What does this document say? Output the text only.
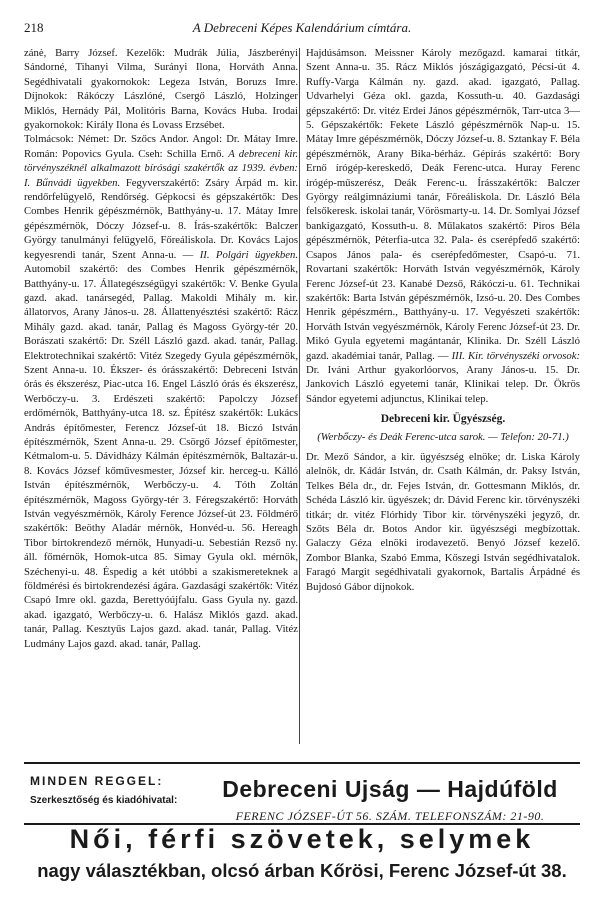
218	A Debreceni Képes Kalendárium címtára.

zánė, Barry József. Kezelők: Mudrák Júlia, Jászberényi Sándorné, Tihanyi Vilma, Surányi Ilona, Horváth Anna. Segédhivatali gyakornokok: Legeza István, Boruzs Imre. Díjnokok: Rákóczy Lászlóné, Csergő László, Holzinger Miklós, Hernády Pál, Molitóris Barna, Kovács Huba. Irodai gyakornokok: Király Ilona és Lovass Erzsébet.

Tolmácsok: Német: Dr. Szőcs Andor. Angol: Dr. Mátay Imre. Román: Popovics Gyula. Cseh: Schilla Ernő. A debreceni kir. törvényszéknél alkalmazott bírósági szakértők az 1939. évben: I. Bűnvádi ügyekben. Fegyverszakértő: Zsáry Árpád m. kir. rendőrfelügyelő, Rendőrség. Gépkocsi és gépszakértők: Des Combes Henrik gépészmérnök, Batthyány-u. 17. Mátay Imre gépészmérnök, Dóczy József-u. 8. Írás-szakértők: Balczer György tanulmányi felügyelő, Főreáliskola. Dr. Kovács Lajos kegyesrendi tanár, Szent Anna-u. — II. Polgári ügyekben. Automobil szakértő: des Combes Henrik gépészmérnök, Batthyány-u. 17. Állategészségügyi szakértők: V. Benke Gyula gazd. akad. tanársegéd, Pallag. Makoldi Mihály m. kir. állatorvos, Arany János-u. 28. Állattenyésztési szakértő: Rácz Mihály gazd. akad. tanár, Pallag és Magoss György-tér 20. Borászati szakértő: Dr. Széll László gazd. akad. tanár, Pallag. Elektrotechnikai szakértő: Vitéz Szegedy Gyula gépészmérnök, Szent Anna-u. 10. Ékszer- és órásszakértő: Debreceni István órás és ékszerész, Piac-utca 16. Engel László órás és ékszerész, Werbőczy-u. 3. Erdészeti szakértő: Papolczy József erdőmérnök, Batthyány-utca 18. sz. Építész szakértők: Lukács András építőmester, Ferencz József-út 18. Biczó István építészmérnök, Szent Anna-u. 29. Csörgő József építőmester, Kétmalom-u. 5. Dávidházy Kálmán építészmérnök, Baltazár-u. 8. Kovács József kőművesmester, József kir. herceg-u. Kálló István építészmérnök, Werbőczy-u. 4. Tóth Zoltán építészmérnök, Magoss György-tér 3. Féregszakértő: Horváth István vegyészmérnök, Károly Ference József-út 23. Földmérő szakértők: Beöthy Aladár mérnök, Honvéd-u. 56. Hereagh Tibor birtokrendező mérnök, Hunyadi-u. Sebestián Rezső ny. áll. főmérnök, Homok-utca 85. Simay Gyula okl. mérnök, Széchenyi-u. 48. Éspedig a két utóbbi a szakismereteknek a földmérési és birtokrendezési ágára. Gazdasági szakértők: Vitéz Csapó Imre okl. gazda, Berettyóújfalu. Gass Gyula ny. gazd. akad. igazgató, Werbőczy-u. 6. Halász Miklós gazd. akad. tanár, Pallag. Kesztyűs Lajos gazd. akad. tanár, Pallag. Vitéz Ludmány Lajos gazd. akad. tanár, Pallag.

Hajdúsámson. Meissner Károly mezőgazd. kamarai titkár, Szent Anna-u. 35. Rácz Miklós jószágigazgató, Pécsi-út 4. Ruffy-Varga Kálmán ny. gazd. akad. igazgató, Pallag. Udvarhelyi Géza okl. gazda, Kossuth-u. 40. Gazdasági gépszakértő: Dr. vitéz Erdei János gépészmérnök, Tarr-utca 3—5. Gépszakértők: Fekete László gépészmérnök Nap-u. 15. Mátay Imre gépészmérnök, Dóczy József-u. 8. Sztankay F. Béla gépészmérnök, Arany Bika-bérház. Gépírás szakértő: Bory Ernő írógép-kereskedő, Deák Ferenc-utca. Huray Ferenc írógép-műszerész, Deák Ferenc-u. Írásszakértők: Balczer György reálgimnáziumi tanár, Főreáliskola. Dr. László Béla felsőkeresk. iskolai tanár, Vörösmarty-u. 14. Dr. Somlyai József bankigazgató, Kossuth-u. 8. Műlakatos szakértő: Piros Béla gépészmérnök, Péterfia-utca 32. Pala- és cserépfedő szakértő: Csapos János pala- és cserépfedőmester, Csapó-u. 71. Rovartani szakértők: Horváth István vegyészmérnök, Károly Ferenc József-út 23. Kanabé Dezső, Rákóczi-u. 61. Technikai szakértők: Barta István gépészmérnök, Izsó-u. 20. Des Combes Henrik gépészmérn., Batthyány-u. 17. Vegyészeti szakértők: Horváth István vegyészmérnök, Károly Ferenc József-út 23. Dr. Mikó Gyula egyetemi magántanár, Klinika. Dr. Széll László gazd. akadémiai tanár, Pallag. — III. Kir. törvényszéki orvosok: Dr. Iváni Arthur gyakorlóorvos, Arany János-u. 15. Dr. Jankovich László egyetemi tanár, Klinikai telep. Dr. Ökrös Sándor egyetemi adjunctus, Klinikai telep.

Debreceni kir. Ügyészség.
(Werbőczy- és Deák Ferenc-utca sarok. — Telefon: 20-71.)

Dr. Mező Sándor, a kir. ügyészség elnöke; dr. Liska Károly alelnök, dr. Kádár István, dr. Csath Kálmán, dr. Paksy István, Telkes Béla dr., dr. Fejes István, dr. Gottesmann Miklós, dr. Schéda László kir. ügyészek; dr. Dávid Ferenc kir. törvényszéki titkár; dr. vitéz Flórhidy Tibor kir. törvényszéki jegyző, dr. Szőts Béla dr. Botos Andor kir. ügyészségi megbízottak. Galaczy Géza elnöki irodavezető. Benyó József kezelő. Zombor Blanka, Szabó Emma, Kőszegi István segédhivatalok. Faragó Margit segédhivatali gyakornok, Bartalis Árpádné és Bujdosó Gábor díjnokok.

MINDEN REGGEL:
Szerkesztőség és kiadóhivatal:	Debreceni Ujság — Hajdúföld
FERENC JÓZSEF-ÚT 56. SZÁM. TELEFONSZÁM: 21-90.
Női, férfi szövetek, selymek
nagy választékban, olcsó árban Kőrösi, Ferenc József-út 38.
